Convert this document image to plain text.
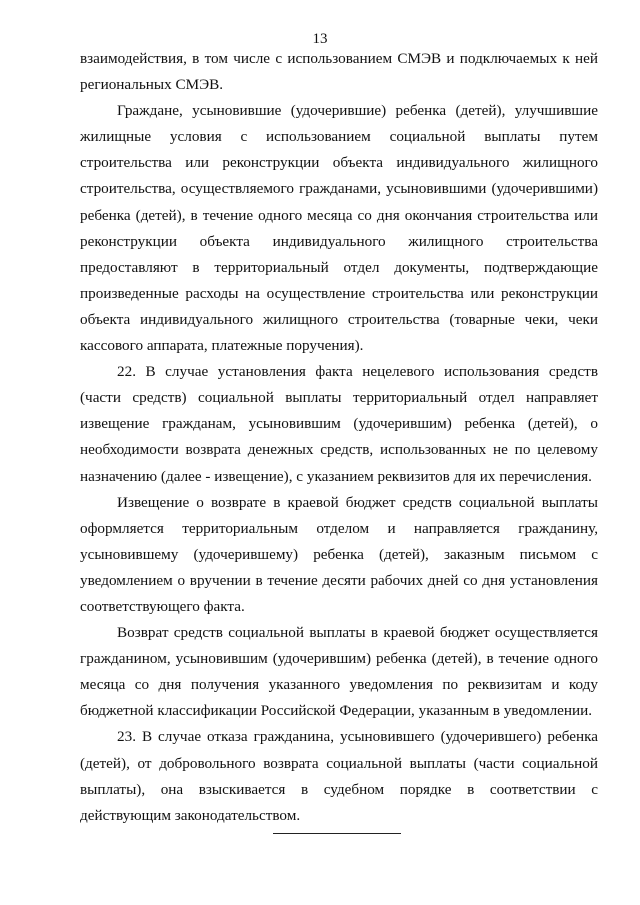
13

взаимодействия, в том числе с использованием СМЭВ и подключаемых к ней региональных СМЭВ.

Граждане, усыновившие (удочерившие) ребенка (детей), улучшившие жилищные условия с использованием социальной выплаты путем строительства или реконструкции объекта индивидуального жилищного строительства, осуществляемого гражданами, усыновившими (удочерившими) ребенка (детей), в течение одного месяца со дня окончания строительства или реконструкции объекта индивидуального жилищного строительства предоставляют в территориальный отдел документы, подтверждающие произведенные расходы на осуществление строительства или реконструкции объекта индивидуального жилищного строительства (товарные чеки, чеки кассового аппарата, платежные поручения).

22. В случае установления факта нецелевого использования средств (части средств) социальной выплаты территориальный отдел направляет извещение гражданам, усыновившим (удочерившим) ребенка (детей), о необходимости возврата денежных средств, использованных не по целевому назначению (далее - извещение), с указанием реквизитов для их перечисления.

Извещение о возврате в краевой бюджет средств социальной выплаты оформляется территориальным отделом и направляется гражданину, усыновившему (удочерившему) ребенка (детей), заказным письмом с уведомлением о вручении в течение десяти рабочих дней со дня установления соответствующего факта.

Возврат средств социальной выплаты в краевой бюджет осуществляется гражданином, усыновившим (удочерившим) ребенка (детей), в течение одного месяца со дня получения указанного уведомления по реквизитам и коду бюджетной классификации Российской Федерации, указанным в уведомлении.

23. В случае отказа гражданина, усыновившего (удочерившего) ребенка (детей), от добровольного возврата социальной выплаты (части социальной выплаты), она взыскивается в судебном порядке в соответствии с действующим законодательством.
